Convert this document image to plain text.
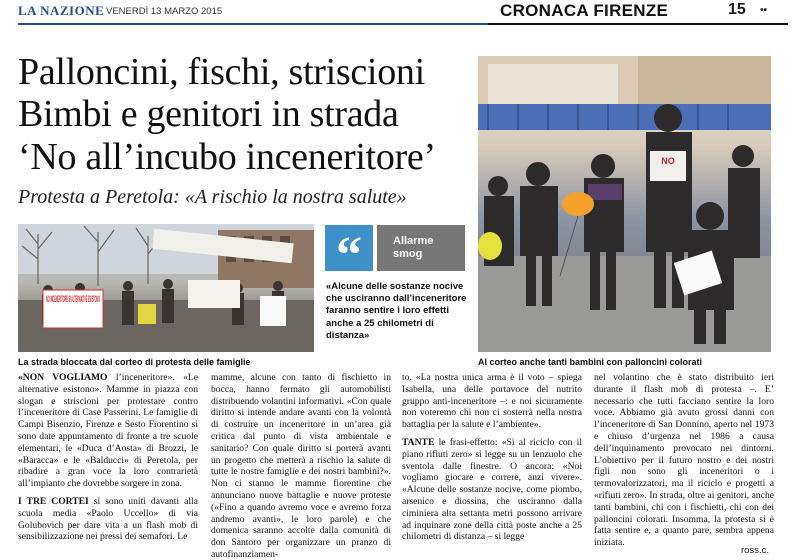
LA NAZIONE VENERDÌ 13 MARZO 2015	CRONACA FIRENZE	15 ••
Palloncini, fischi, striscioni
Bimbi e genitori in strada
‘No all’incubo inceneritore’
Protesta a Peretola: «A rischio la nostra salute»
NO INCENERITORE SI ALTERNATIVE ESISTONO
La strada bloccata dal corteo di protesta delle famiglie
“	Allarme
smog
«Alcune delle sostanze nocive che usciranno dall’inceneritore faranno sentire i loro effetti anche a 25 chilometri di distanza»
NO
Al corteo anche tanti bambini con palloncini colorati

«NON VOGLIAMO l’inceneritore». «Le alternative esistono». Mamme in piazza con slogan e striscioni per protestare contro l’inceneritore di Case Passerini. Le famiglie di Campi Bisenzio, Firenze e Sesto Fiorentino si sono date appuntamento di fronte a tre scuole elementari, le «Duca d’Aosta» di Brozzi, le «Baracca» e le «Balducci» di Peretola, per ribadire a gran voce la loro contrarietà all’impianto che dovrebbe sorgere in zona.

I TRE CORTEI si sono uniti davanti alla scuola media «Paolo Uccello» di via Golubovich per dare vita a un flash mob di sensibilizzazione nei pressi dei semafori. Le

mamme, alcune con tanto di fischietto in bocca, hanno fermato gli automobilisti distribuendo volantini informativi. «Con quale diritto si intende andare avanti con la volontà di costruire un inceneritore in un’area già critica dal punto di vista ambientale e sanitario? Con quale diritto si porterà avanti un progetto che metterà a rischio la salute di tutte le nostre famiglie e dei nostri bambini?». Non ci stanno le mamme fiorentine che annunciano nuove battaglie e nuove proteste («Fino a quando avremo voce e avremo forza andremo avanti», le loro parole) e che domenica saranno accolte dalla comunità di don Santoro per organizzare un pranzo di autofinanziamen-

to. «La nostra unica arma è il voto – spiega Isabella, una delle portavoce del nutrito gruppo anti-inceneritore –: e noi sicuramente non voteremo chi non ci sosterrà nella nostra battaglia per la salute e l’ambiente».

TANTE le frasi-effetto: «Sì al riciclo con il piano rifiuti zero» si legge su un lenzuolo che sventola dalle finestre. O ancora: «Noi vogliamo giocare e correre, anzi vivere». «Alcune delle sostanze nocive, come piombo, arsenico e diossina, che usciranno dalla ciminiera alta settanta metri possono arrivare ad inquinare zone della città poste anche a 25 chilometri di distanza – si legge

nel volantino che è stato distribuito ieri durante il flash mob di protesta –. E’ necessario che tutti facciano sentire la loro voce. Abbiamo già avuto grossi danni con l’inceneritore di San Donnino, aperto nel 1973 e chiuso d’urgenza nel 1986 a causa dell’inquinamento provocato nei dintorni. L’obiettivo per il futuro nostro e dei nostri figli non sono gli inceneritori o i termovalorizzatori, ma il riciclo e progetti a «rifiuti zero». In strada, oltre ai genitori, anche tanti bambini, chi con i fischietti, chi con dei palloncini colorati. Insomma, la protesta si è fatta sentire e, a quanto pare, sembra appena iniziata.

ross.c.
